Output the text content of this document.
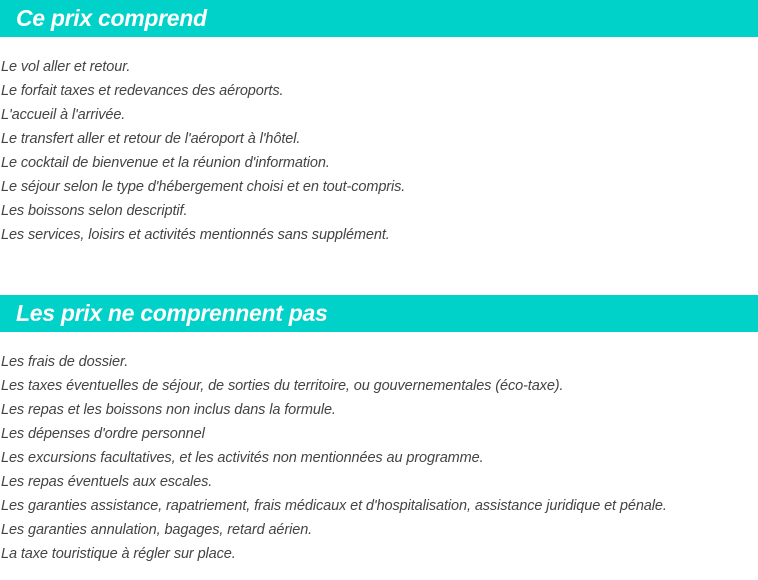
Ce prix comprend
Le vol aller et retour.
Le forfait taxes et redevances des aéroports.
L'accueil à l'arrivée.
Le transfert aller et retour de l'aéroport à l'hôtel.
Le cocktail de bienvenue et la réunion d'information.
Le séjour selon le type d'hébergement choisi et en tout-compris.
Les boissons selon descriptif.
Les services, loisirs et activités mentionnés sans supplément.
Les prix ne comprennent pas
Les frais de dossier.
Les taxes éventuelles de séjour, de sorties du territoire, ou gouvernementales (éco-taxe).
Les repas et les boissons non inclus dans la formule.
Les dépenses d'ordre personnel
Les excursions facultatives, et les activités non mentionnées au programme.
Les repas éventuels aux escales.
Les garanties assistance, rapatriement, frais médicaux et d'hospitalisation, assistance juridique et pénale.
Les garanties annulation, bagages, retard aérien.
La taxe touristique à régler sur place.
